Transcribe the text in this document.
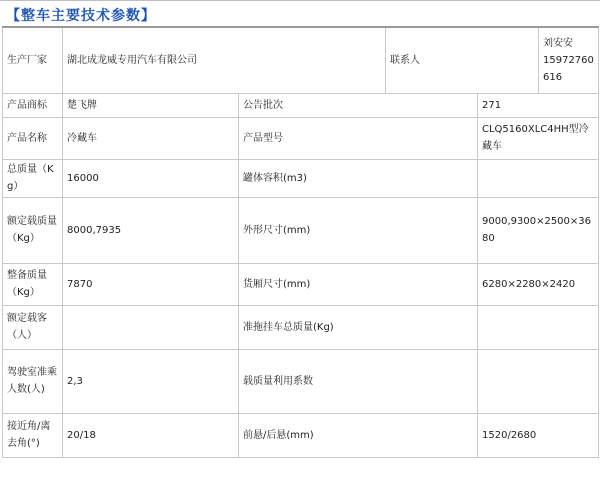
【整车主要技术参数】
生产厂家	湖北成龙威专用汽车有限公司		联系人		刘安安
15972760
616

产品商标	楚飞牌	公告批次		271	
产品名称	冷藏车	产品型号		CLQ5160XLC4HH型冷藏车	
总质量（Kg）	16000	罐体容积(m3)			
额定载质量（Kg）	8000,7935	外形尺寸(mm)		9000,9300×2500×3680	
整备质量（Kg）	7870	货厢尺寸(mm)		6280×2280×2420	
额定载客（人）		准拖挂车总质量(Kg)			
驾驶室准乘人数(人)	2,3	载质量利用系数			
接近角/离去角(°)	20/18	前悬/后悬(mm)		1520/2680	
